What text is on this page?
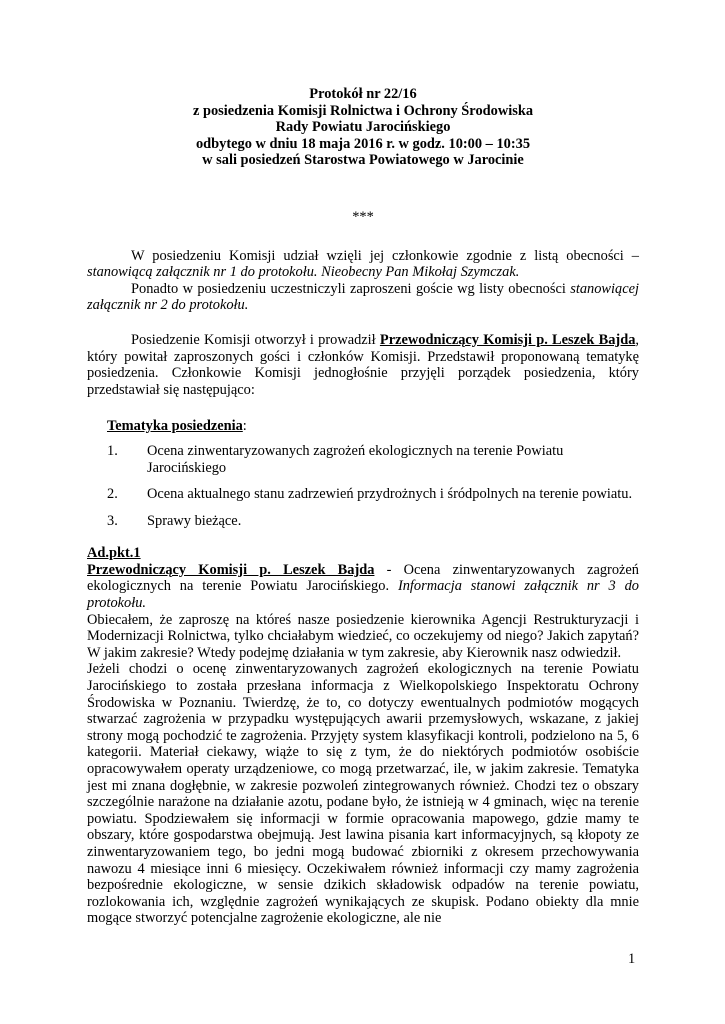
Protokół nr 22/16
z posiedzenia Komisji Rolnictwa i Ochrony Środowiska
Rady Powiatu Jarocińskiego
odbytego w dniu 18 maja 2016 r. w godz. 10:00 – 10:35
w sali posiedzeń Starostwa Powiatowego w Jarocinie
***

W posiedzeniu Komisji udział wzięli jej członkowie zgodnie z listą obecności – stanowiącą załącznik nr 1 do protokołu. Nieobecny Pan Mikołaj Szymczak.

Ponadto w posiedzeniu uczestniczyli zaproszeni goście wg listy obecności stanowiącej załącznik nr 2 do protokołu.

Posiedzenie Komisji otworzył i prowadził Przewodniczący Komisji p. Leszek Bajda, który powitał zaproszonych gości i członków Komisji. Przedstawił proponowaną tematykę posiedzenia. Członkowie Komisji jednogłośnie przyjęli porządek posiedzenia, który przedstawiał się następująco:

Tematyka posiedzenia:
1. Ocena zinwentaryzowanych zagrożeń ekologicznych na terenie Powiatu Jarocińskiego
2. Ocena aktualnego stanu zadrzewień przydrożnych i śródpolnych na terenie powiatu.
3. Sprawy bieżące.
Ad.pkt.1

Przewodniczący Komisji p. Leszek Bajda - Ocena zinwentaryzowanych zagrożeń ekologicznych na terenie Powiatu Jarocińskiego. Informacja stanowi załącznik nr 3 do protokołu.

Obiecałem, że zaproszę na któreś nasze posiedzenie kierownika Agencji Restrukturyzacji i Modernizacji Rolnictwa, tylko chciałabym wiedzieć, co oczekujemy od niego? Jakich zapytań? W jakim zakresie? Wtedy podejmę działania w tym zakresie, aby Kierownik nasz odwiedził.

Jeżeli chodzi o ocenę zinwentaryzowanych zagrożeń ekologicznych na terenie Powiatu Jarocińskiego to została przesłana informacja z Wielkopolskiego Inspektoratu Ochrony Środowiska w Poznaniu. Twierdzę, że to, co dotyczy ewentualnych podmiotów mogących stwarzać zagrożenia w przypadku występujących awarii przemysłowych, wskazane, z jakiej strony mogą pochodzić te zagrożenia. Przyjęty system klasyfikacji kontroli, podzielono na 5, 6 kategorii. Materiał ciekawy, wiąże to się z tym, że do niektórych podmiotów osobiście opracowywałem operaty urządzeniowe, co mogą przetwarzać, ile, w jakim zakresie. Tematyka jest mi znana dogłębnie, w zakresie pozwoleń zintegrowanych również. Chodzi tez o obszary szczególnie narażone na działanie azotu, podane było, że istnieją w 4 gminach, więc na terenie powiatu. Spodziewałem się informacji w formie opracowania mapowego, gdzie mamy te obszary, które gospodarstwa obejmują. Jest lawina pisania kart informacyjnych, są kłopoty ze zinwentaryzowaniem tego, bo jedni mogą budować zbiorniki z okresem przechowywania nawozu 4 miesiące inni 6 miesięcy. Oczekiwałem również informacji czy mamy zagrożenia bezpośrednie ekologiczne, w sensie dzikich składowisk odpadów na terenie powiatu, rozlokowania ich, względnie zagrożeń wynikających ze skupisk. Podano obiekty dla mnie mogące stworzyć potencjalne zagrożenie ekologiczne, ale nie

1
